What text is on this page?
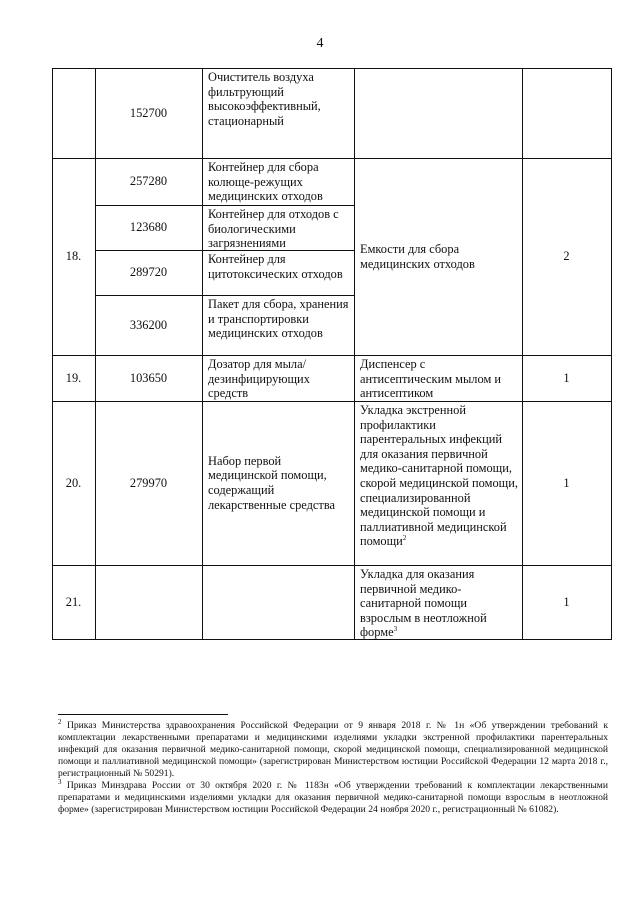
4
152700
Очиститель воздуха фильтрующий высокоэффективный, стационарный
18.
257280
Контейнер для сбора колюще-режущих медицинских отходов
123680
Контейнер для отходов с биологическими загрязнениями
289720
Контейнер для цитотоксических отходов
336200
Пакет для сбора, хранения и транспортировки медицинских отходов
Емкости для сбора медицинских отходов
2
19.	103650
Дозатор для мыла/ дезинфицирующих средств
Диспенсер с антисептическим мылом и антисептиком
1
20.	279970
Набор первой медицинской помощи, содержащий лекарственные средства
Укладка экстренной профилактики парентеральных инфекций для оказания первичной медико-санитарной помощи, скорой медицинской помощи, специализированной медицинской помощи и паллиативной медицинской помощи$^2$
1
21.
Укладка для оказания первичной медико-санитарной помощи взрослым в неотложной форме$^3$
1

$^2$ Приказ Министерства здравоохранения Российской Федерации от 9 января 2018 г. № 1н «Об утверждении требований к комплектации лекарственными препаратами и медицинскими изделиями укладки экстренной профилактики парентеральных инфекций для оказания первичной медико-санитарной помощи, скорой медицинской помощи, специализированной медицинской помощи и паллиативной медицинской помощи» (зарегистрирован Министерством юстиции Российской Федерации 12 марта 2018 г., регистрационный № 50291).

$^3$ Приказ Минздрава России от 30 октября 2020 г. № 1183н «Об утверждении требований к комплектации лекарственными препаратами и медицинскими изделиями укладки для оказания первичной медико-санитарной помощи взрослым в неотложной форме» (зарегистрирован Министерством юстиции Российской Федерации 24 ноября 2020 г., регистрационный № 61082).
